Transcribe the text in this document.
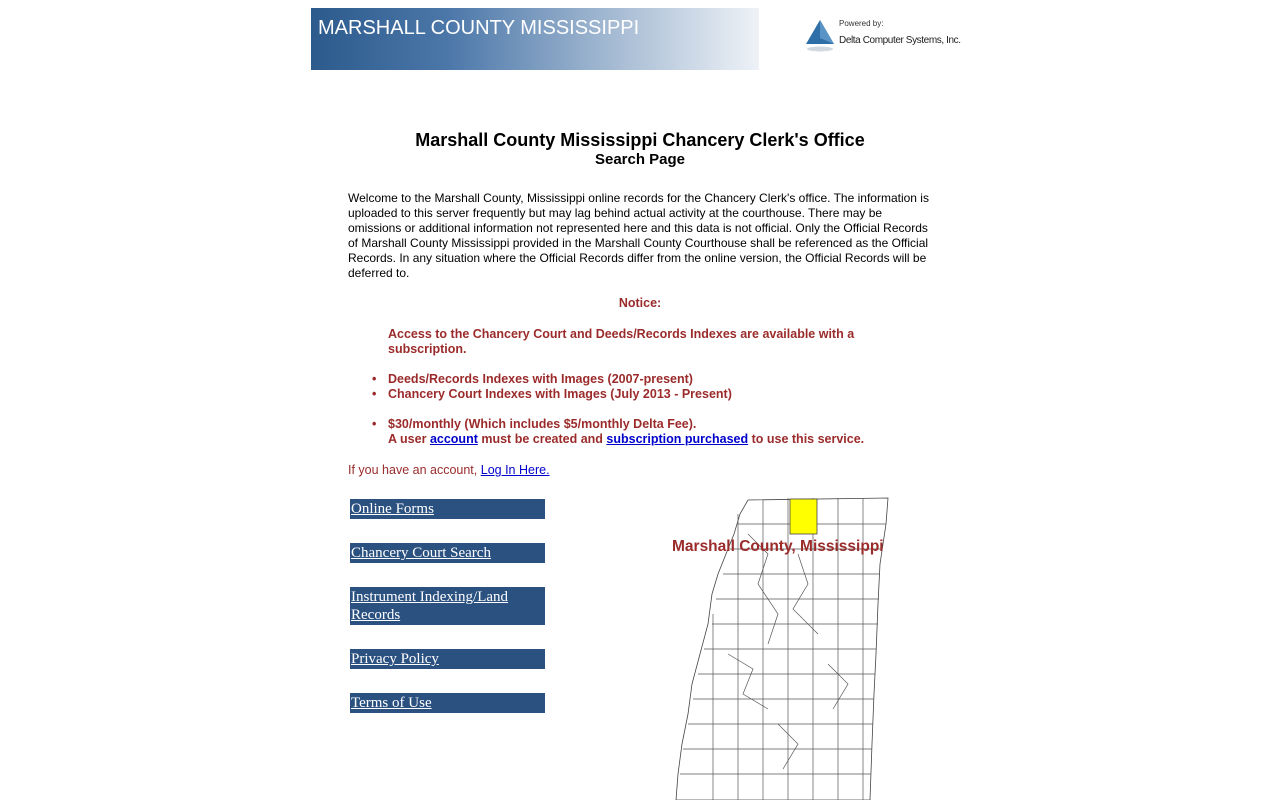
MARSHALL COUNTY MISSISSIPPI	Powered by:
Delta Computer Systems, Inc.
Marshall County Mississippi Chancery Clerk's Office
Search Page
Welcome to the Marshall County, Mississippi online records for the Chancery Clerk's office. The information is uploaded to this server frequently but may lag behind actual activity at the courthouse. There may be omissions or additional information not represented here and this data is not official. Only the Official Records of Marshall County Mississippi provided in the Marshall County Courthouse shall be referenced as the Official Records. In any situation where the Official Records differ from the online version, the Official Records will be deferred to.
Notice:
Access to the Chancery Court and Deeds/Records Indexes are available with a subscription.
• Deeds/Records Indexes with Images (2007-present)
• Chancery Court Indexes with Images (July 2013 - Present)
• $30/monthly (Which includes $5/monthly Delta Fee).
A user account must be created and subscription purchased to use this service.
If you have an account, Log In Here.
Online Forms
Chancery Court Search
Instrument Indexing/Land Records
Privacy Policy
Terms of Use
Marshall County, Mississippi
